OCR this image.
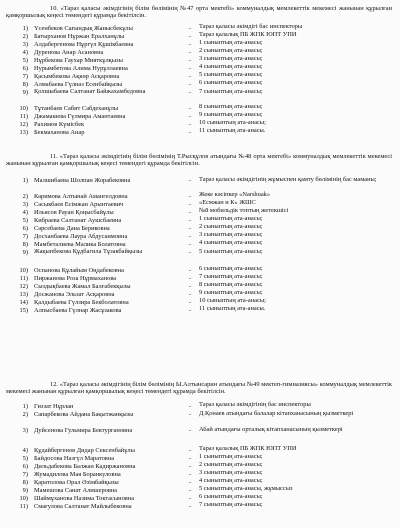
10. «Тараз қаласы әкімдігінің білім бөлімінің №47 орта мектебі» коммуналдық мемлекеттік мекемесі жанынан құрылған қамқоршылық кеңесі төмендегі құрамда бекітілсін.
1) Үсенбеков Сағындық Жанысбекұлы	- Тараз қаласы әкімдігі бас инспекторы
2) Батырханов Нұржан Ералханұлы	- Тараз қалалық ПБ ЖПК ЮПТ УПИ
3) Алдабергенова Нұргүл Құшікбаевна	- 1 сыныптың ата-анасы;
4) Дуренова Анар Асановна	- 2 сыныптың ата-анасы;
5) Нұрбекова Гаухар Мияткұлқызы	- 3 сыныптың ата-анасы;
6) Нурымбетова Алима Нурұллаевна	- 4 сыныптың ата-анасы;
7) Қасымбекова Ақкөр Асқаровна	- 5 сыныптың ата-анасы;
8) Алмабаева Гүлназ Есенбайқызы	- 6 сыныптың ата-анасы;
9) Қолшыбаева Салтанат Байжахамбедовна	- 7 сыныптың ата-анасы;
10) Тұтанбаев Сабит Сабдеханұлы	- 8 сыныптың ата-анасы;
11) Джамашева Гүлмира Амантаевна	- 9 сыныптың ата-анасы;
12) Рахимов Күмісбек	- 10 сыныптың ата-анасы;
13) Бекмаханова Анар	- 11 сыныптың ата-анасы.
11. «Тараз қаласы әкімдігінің білім бөлімінің Т.Рысқұлов атындағы №48 орта мектебі» коммуналдық мемлекеттік мекемесі жанынан құрылған қамқоршылық кеңесі төмендегі құрамда бекітілсін.
1) Малшибаева Шолпан Жорабековна	- Тараз қаласы әкімдігінің жұмыспен қамту бөлімінің бас маманы;
2) Каримова Алтынай Амангелдовна	- Жеке кәсіпкер «Narshuak»
3) Сасыкбаев Есімжан Арынтаевич	- «Есмжан и К» ЖШС
4) Ильясов Рауан Қоңысбайұлы	- №8 мобильдік топтың жетекшісі
5) Кибраева Салтанат Аушсбаевна	- 1 сыныптың ата-анасы;
6) Сарсебаева Дана Бериковна	- 2 сыныптың ата-анасы;
7) Досханбаева Лаура Абдусаимовна	- 3 сыныптың ата-анасы;
8) Мамбеталиева Малика Болатовна	- 4 сыныптың ата-анасы;
9) Жақыпбекова Құдбагила Тұзакбайқызы	- 5 сыныптың ата-анасы;
10) Оспанова Құлайым Оңдабековна	- 6 сыныптың ата-анасы;
11) Пиржанова Роза Нұрмаханова	- 7 сыныптың ата-анасы;
12) Сыздықбаева Жамал Балғабекқызы	- 8 сыныптың ата-анасы;
13) Досжанова Эльзат Асқаровна	- 9 сыныптың ата-анасы;
14) Қалдыбаева Гүлзира Бекболатовна	- 10 сыныптың ата-анасы;
15) Алпысбаева Гүлнар Жасұзакова	- 11 сыныптың ата-анасы.
12. «Тараз қаласы әкімдігінің білім бөлімінің Ы.Алтынсарин атындағы №49 мектеп-гимназиясы» коммуналдық мемлекеттік мекемесі жанынан құрылған қамқоршылық кеңесі төмендегі құрамда бекітілсін.
1) Гиззат Нұрлан	- Тараз қаласы әкімдігінің бас инспекторы
2) Сапарбекова Айдана Бақытжанқызы	- Д.Қонаев атындағы балалар кітапханасының қызметкері
3) Дуйсенова Гульмира Бектургановна	- Абай атындағы орталық кітапханасының қызметкері
4) Құдайбергенов Дидар Сексенбайұлы	- Тараз қалалық ПБ ЖПК ЮПТ УПИ
5) Байдосова Назгүл Маратовна	- 1 сыныптың ата-анасы;
6) Дильдабекова Балжан Кадиржановна	- 2 сыныптың ата-анасы;
7) Жумадилова Мая Боранкуловна	- 3 сыныптың ата-анасы;
8) Қаратолова Орал Әзімбайқызы	- 4 сыныптың ата-анасы;
9) Мамешова Санат Алишеровна	- 5 сыныптың ата-анасы, жұмыссыз
10) Шаймұханова Назима Токтасыновна	- 6 сыныптың ата-анасы;
11) Смағулова Салтанат Майлыбековна	- 7 сыныптың ата-анасы;
